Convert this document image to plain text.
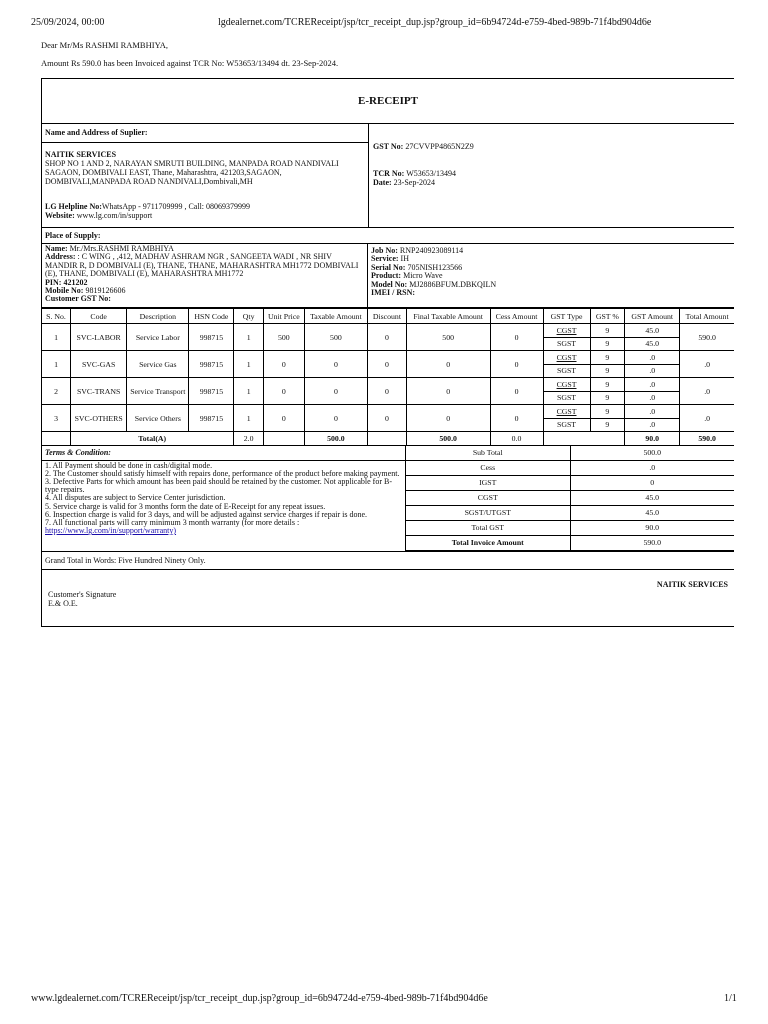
25/09/2024, 00:00	lgdealernet.com/TCREReceipt/jsp/tcr_receipt_dup.jsp?group_id=6b94724d-e759-4bed-989b-71f4bd904d6e
Dear Mr/Ms RASHMI RAMBHIYA,
Amount Rs 590.0 has been Invoiced against TCR No: W53653/13494 dt. 23-Sep-2024.
E-RECEIPT
Name and Address of Suplier:
NAITIK SERVICES
SHOP NO 1 AND 2, NARAYAN SMRUTI BUILDING, MANPADA ROAD NANDIVALI SAGAON, DOMBIVALI EAST, Thane, Maharashtra, 421203,SAGAON, DOMBIVALI,MANPADA ROAD NANDIVALI,Dombivali,MH
LG Helpline No:WhatsApp - 9711709999 , Call: 08069379999
Website: www.lg.com/in/support
GST No: 27CVVPP4865N2Z9
TCR No: W53653/13494
Date: 23-Sep-2024
Place of Supply:
Name: Mr./Mrs.RASHMI RAMBHIYA
Address: : C WING , ,412, MADHAV ASHRAM NGR , SANGEETA WADI , NR SHIV MANDIR R, D DOMBIVALI (E), THANE, THANE, MAHARASHTRA MH1772 DOMBIVALI (E), THANE, DOMBIVALI (E), MAHARASHTRA MH1772
PIN: 421202
Mobile No: 9819126606
Customer GST No:
Job No: RNP240923089114
Service: IH
Serial No: 705NISH123566
Product: Micro Wave
Model No: MJ2886BFUM.DBKQILN
IMEI / RSN:
S. No.	Code	Description	HSN Code	Qty	Unit Price	Taxable Amount	Discount	Final Taxable Amount	Cess Amount	GST Type	GST %	GST Amount	Total Amount
1	SVC-LABOR	Service Labor	998715	1	500	500	0	500	0	CGST	9	45.0	590.0
										SGST	9	45.0	
1	SVC-GAS	Service Gas	998715	1	0	0	0	0	0	CGST	9	.0	.0
										SGST	9	.0	
2	SVC-TRANS	Service Transport	998715	1	0	0	0	0	0	CGST	9	.0	.0
										SGST	9	.0	
3	SVC-OTHERS	Service Others	998715	1	0	0	0	0	0	CGST	9	.0	.0
										SGST	9	.0	
	Total(A)			2.0		500.0		500.0	0.0			90.0	590.0
Terms & Condition:
1. All Payment should be done in cash/digital mode.
2. The Customer should satisfy himself with repairs done, performance of the product before making payment.
3. Defective Parts for which amount has been paid should be retained by the customer. Not applicable for B-type repairs.
4. All disputes are subject to Service Center jurisdiction.
5. Service charge is valid for 3 months form the date of E-Receipt for any repeat issues.
6. Inspection charge is valid for 3 days, and will be adjusted against service charges if repair is done.
7. All functional parts will carry minimum 3 month warranty (for more details :
https://www.lg.com/in/support/warranty)
Sub Total	500.0
Cess	.0
IGST	0
CGST	45.0
SGST/UTGST	45.0
Total GST	90.0
Total Invoice Amount	590.0
Grand Total in Words: Five Hundred Ninety Only.
NAITIK SERVICES
Customer's Signature
E.& O.E.
www.lgdealernet.com/TCREReceipt/jsp/tcr_receipt_dup.jsp?group_id=6b94724d-e759-4bed-989b-71f4bd904d6e	1/1
